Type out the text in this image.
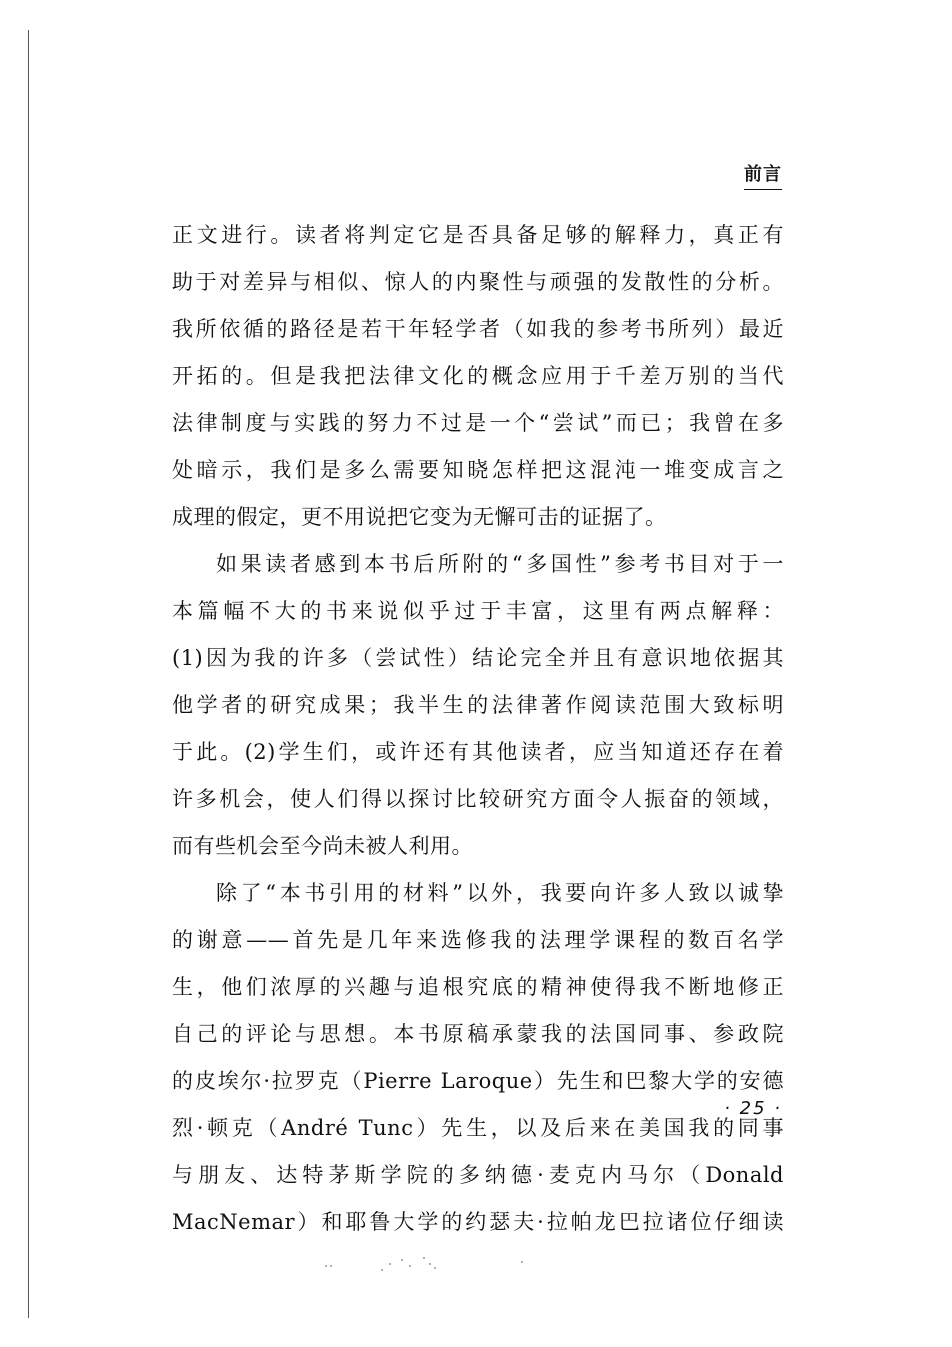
前言
正文进行。读者将判定它是否具备足够的解释力，真正有
助于对差异与相似、惊人的内聚性与顽强的发散性的分析。
我所依循的路径是若干年轻学者（如我的参考书所列）最近
开拓的。但是我把法律文化的概念应用于千差万别的当代
法律制度与实践的努力不过是一个“尝试”而已；我曾在多
处暗示，我们是多么需要知晓怎样把这混沌一堆变成言之
成理的假定，更不用说把它变为无懈可击的证据了。
如果读者感到本书后所附的“多国性”参考书目对于一
本篇幅不大的书来说似乎过于丰富，这里有两点解释：
(1)因为我的许多（尝试性）结论完全并且有意识地依据其
他学者的研究成果；我半生的法律著作阅读范围大致标明
于此。(2)学生们，或许还有其他读者，应当知道还存在着
许多机会，使人们得以探讨比较研究方面令人振奋的领域，
而有些机会至今尚未被人利用。
除了“本书引用的材料”以外，我要向许多人致以诚挚
的谢意——首先是几年来选修我的法理学课程的数百名学
生，他们浓厚的兴趣与追根究底的精神使得我不断地修正
自己的评论与思想。本书原稿承蒙我的法国同事、参政院
的皮埃尔·拉罗克（Pierre Laroque）先生和巴黎大学的安德
烈·顿克（André Tunc）先生，以及后来在美国我的同事
与朋友、达特茅斯学院的多纳德·麦克内马尔（Donald
MacNemar）和耶鲁大学的约瑟夫·拉帕龙巴拉诸位仔细读
· 25 ·
